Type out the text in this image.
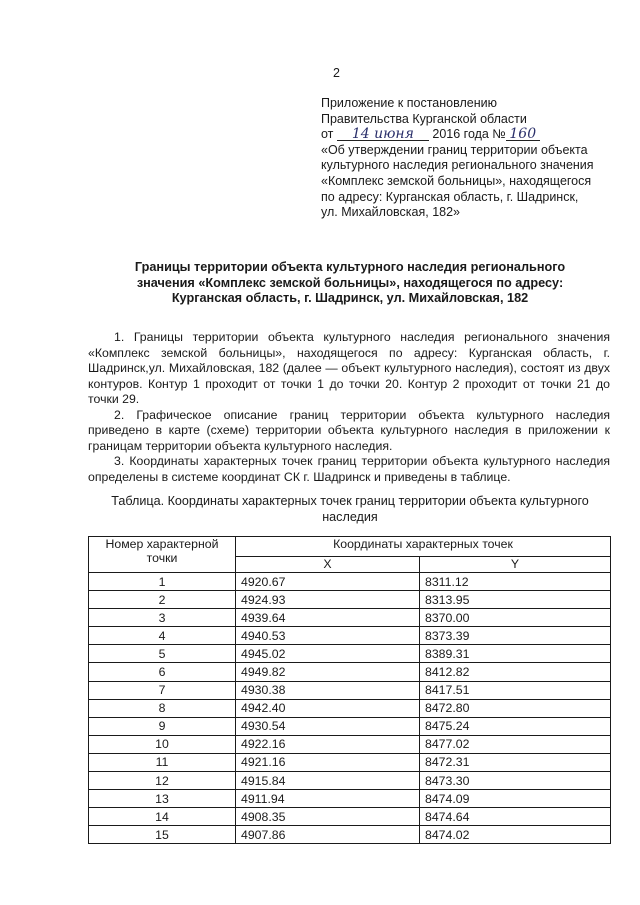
2
Приложение к постановлению
Правительства Курганской области
от 14 июня 2016 года № 160
«Об утверждении границ территории объекта
культурного наследия регионального значения
«Комплекс земской больницы», находящегося
по адресу: Курганская область, г. Шадринск,
ул. Михайловская, 182»
Границы территории объекта культурного наследия регионального
значения «Комплекс земской больницы», находящегося по адресу:
Курганская область, г. Шадринск, ул. Михайловская, 182

1. Границы территории объекта культурного наследия регионального значения «Комплекс земской больницы», находящегося по адресу: Курганская область, г. Шадринск,ул. Михайловская, 182 (далее — объект культурного наследия), состоят из двух контуров. Контур 1 проходит от точки 1 до точки 20. Контур 2 проходит от точки 21 до точки 29.

2. Графическое описание границ территории объекта культурного наследия приведено в карте (схеме) территории объекта культурного наследия в приложении к границам территории объекта культурного наследия.

3. Координаты характерных точек границ территории объекта культурного наследия определены в системе координат СК г. Шадринск и приведены в таблице.

Таблица. Координаты характерных точек границ территории объекта культурного
наследия
Номер характерной точки	Координаты характерных точек	
	X	Y
1	4920.67	8311.12
2	4924.93	8313.95
3	4939.64	8370.00
4	4940.53	8373.39
5	4945.02	8389.31
6	4949.82	8412.82
7	4930.38	8417.51
8	4942.40	8472.80
9	4930.54	8475.24
10	4922.16	8477.02
11	4921.16	8472.31
12	4915.84	8473.30
13	4911.94	8474.09
14	4908.35	8474.64
15	4907.86	8474.02
